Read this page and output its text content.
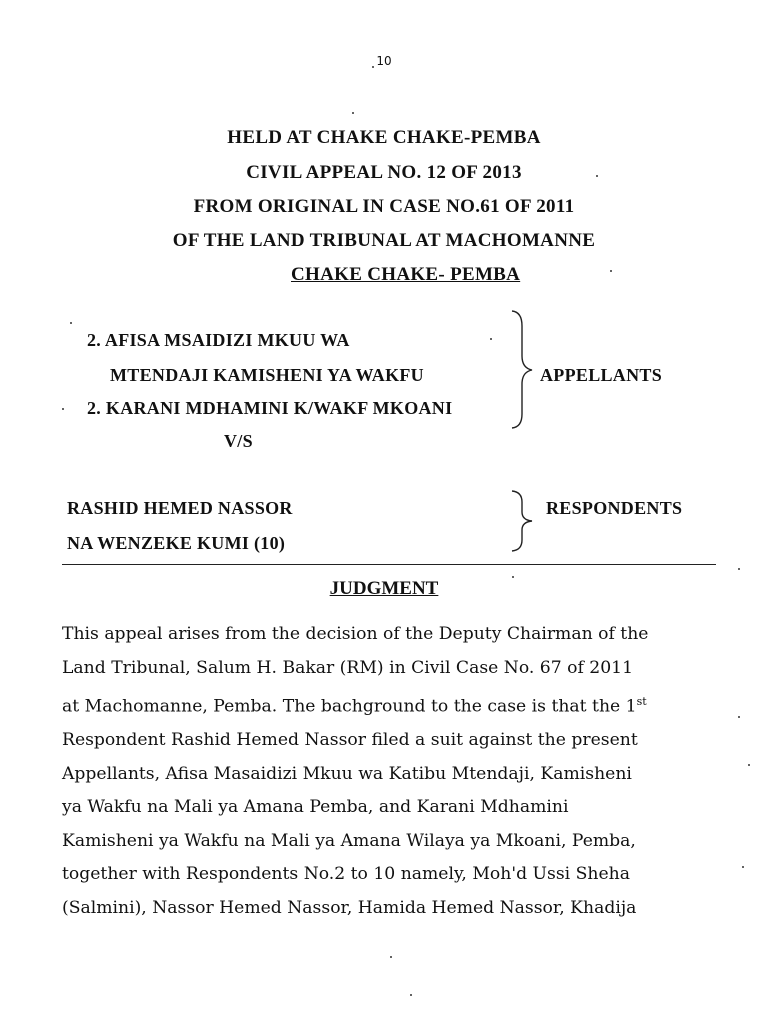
10
HELD AT CHAKE CHAKE-PEMBA
CIVIL APPEAL NO. 12 OF 2013
FROM ORIGINAL IN CASE NO.61 OF 2011
OF THE LAND TRIBUNAL AT MACHOMANNE
CHAKE CHAKE- PEMBA
2. AFISA MSAIDIZI MKUU WA
MTENDAJI KAMISHENI YA WAKFU
2. KARANI MDHAMINI K/WAKF MKOANI
APPELLANTS
V/S
RASHID HEMED NASSOR
NA WENZEKE KUMI (10)
RESPONDENTS
JUDGMENT

This appeal arises from the decision of the Deputy Chairman of the

Land Tribunal, Salum H. Bakar (RM) in Civil Case No. 67 of 2011

at Machomanne, Pemba. The bachground to the case is that the 1st

Respondent Rashid Hemed Nassor filed a suit against the present

Appellants, Afisa Masaidizi Mkuu wa Katibu Mtendaji, Kamisheni

ya Wakfu na Mali ya Amana Pemba, and Karani Mdhamini

Kamisheni ya Wakfu na Mali ya Amana Wilaya ya Mkoani, Pemba,

together with Respondents No.2 to 10 namely, Moh'd Ussi Sheha

(Salmini), Nassor Hemed Nassor, Hamida Hemed Nassor, Khadija
